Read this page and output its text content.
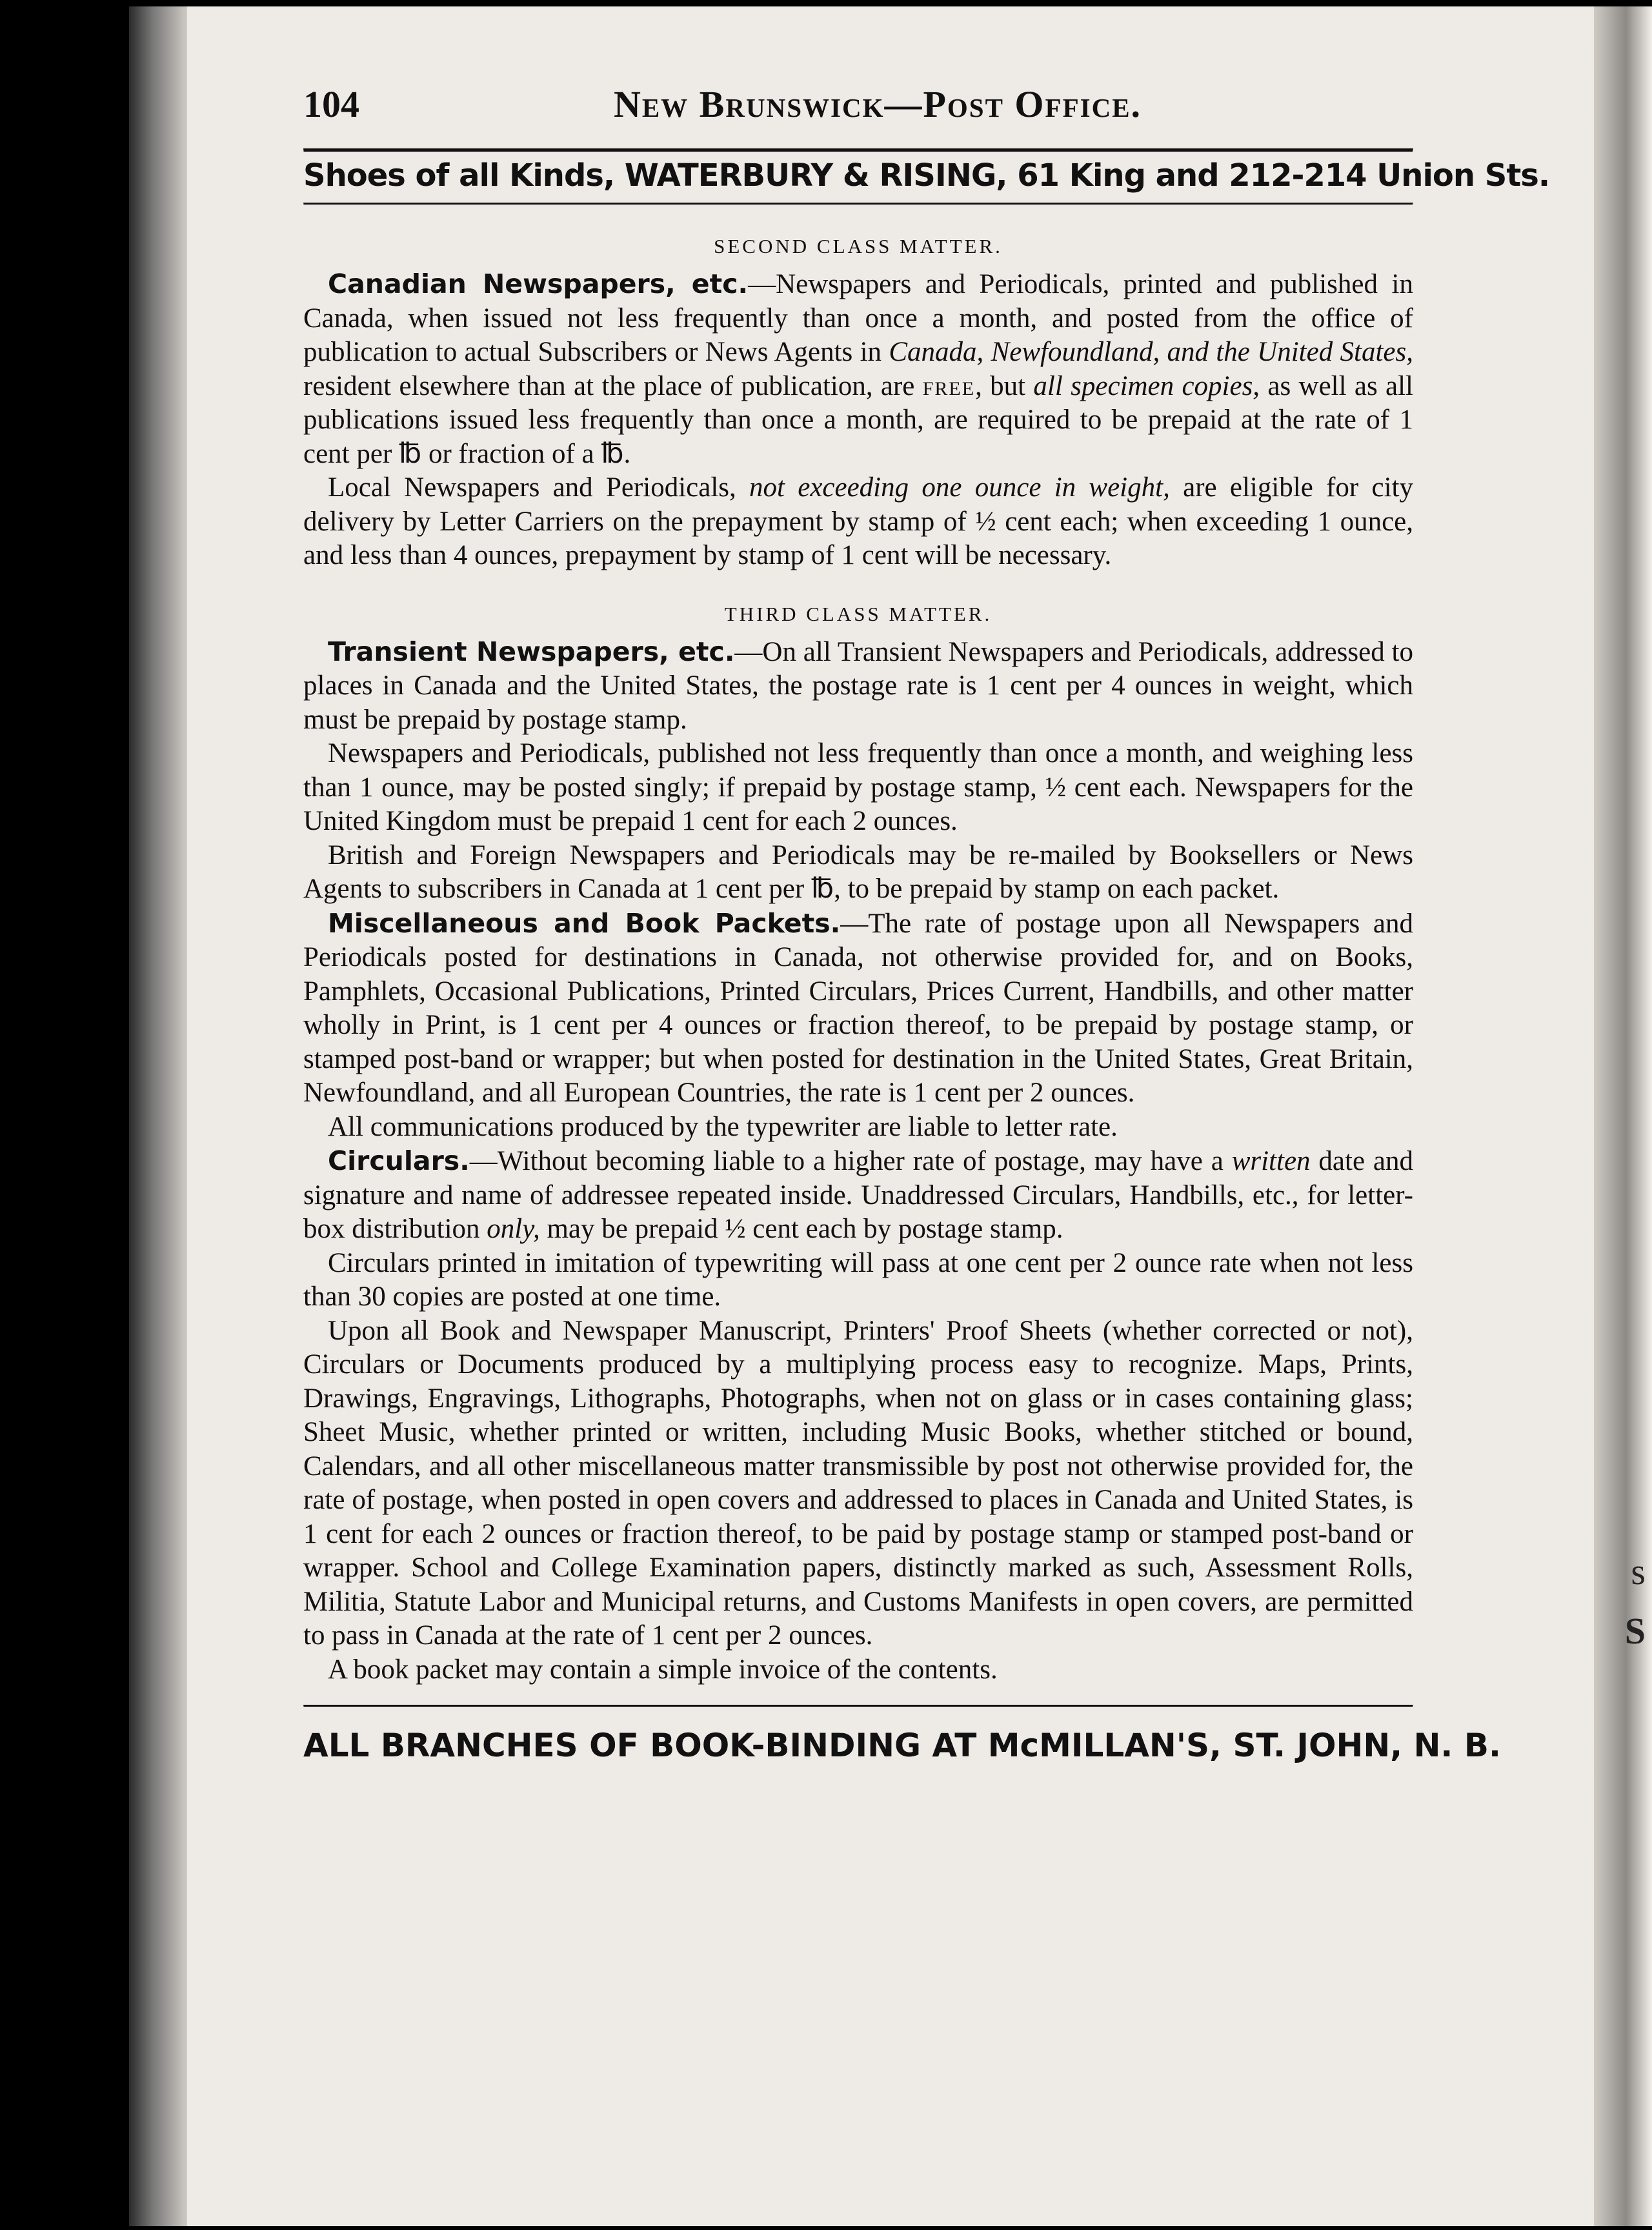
s
S
104	New Brunswick—Post Office.
Shoes of all Kinds, WATERBURY & RISING, 61 King and 212-214 Union Sts.
SECOND CLASS MATTER.

Canadian Newspapers, etc.—Newspapers and Periodicals, printed and published in Canada, when issued not less frequently than once a month, and posted from the office of publication to actual Subscribers or News Agents in Canada, Newfoundland, and the United States, resident elsewhere than at the place of publication, are free, but all specimen copies, as well as all publications issued less frequently than once a month, are required to be prepaid at the rate of 1 cent per ℔ or fraction of a ℔.

Local Newspapers and Periodicals, not exceeding one ounce in weight, are eligible for city delivery by Letter Carriers on the prepayment by stamp of ½ cent each; when exceeding 1 ounce, and less than 4 ounces, prepayment by stamp of 1 cent will be necessary.

THIRD CLASS MATTER.

Transient Newspapers, etc.—On all Transient Newspapers and Periodicals, addressed to places in Canada and the United States, the postage rate is 1 cent per 4 ounces in weight, which must be prepaid by postage stamp.

Newspapers and Periodicals, published not less frequently than once a month, and weighing less than 1 ounce, may be posted singly; if prepaid by postage stamp, ½ cent each. Newspapers for the United Kingdom must be prepaid 1 cent for each 2 ounces.

British and Foreign Newspapers and Periodicals may be re-mailed by Booksellers or News Agents to subscribers in Canada at 1 cent per ℔, to be prepaid by stamp on each packet.

Miscellaneous and Book Packets.—The rate of postage upon all Newspapers and Periodicals posted for destinations in Canada, not otherwise provided for, and on Books, Pamphlets, Occasional Publications, Printed Circulars, Prices Current, Handbills, and other matter wholly in Print, is 1 cent per 4 ounces or fraction thereof, to be prepaid by postage stamp, or stamped post-band or wrapper; but when posted for destination in the United States, Great Britain, Newfoundland, and all European Countries, the rate is 1 cent per 2 ounces.

All communications produced by the typewriter are liable to letter rate.

Circulars.—Without becoming liable to a higher rate of postage, may have a written date and signature and name of addressee repeated inside. Unaddressed Circulars, Handbills, etc., for letter-box distribution only, may be prepaid ½ cent each by postage stamp.

Circulars printed in imitation of typewriting will pass at one cent per 2 ounce rate when not less than 30 copies are posted at one time.

Upon all Book and Newspaper Manuscript, Printers' Proof Sheets (whether corrected or not), Circulars or Documents produced by a multiplying process easy to recognize. Maps, Prints, Drawings, Engravings, Lithographs, Photographs, when not on glass or in cases containing glass; Sheet Music, whether printed or written, including Music Books, whether stitched or bound, Calendars, and all other miscellaneous matter transmissible by post not otherwise provided for, the rate of postage, when posted in open covers and addressed to places in Canada and United States, is 1 cent for each 2 ounces or fraction thereof, to be paid by postage stamp or stamped post-band or wrapper. School and College Examination papers, distinctly marked as such, Assessment Rolls, Militia, Statute Labor and Municipal returns, and Customs Manifests in open covers, are permitted to pass in Canada at the rate of 1 cent per 2 ounces.

A book packet may contain a simple invoice of the contents.

ALL BRANCHES OF BOOK-BINDING AT McMILLAN'S, ST. JOHN, N. B.
